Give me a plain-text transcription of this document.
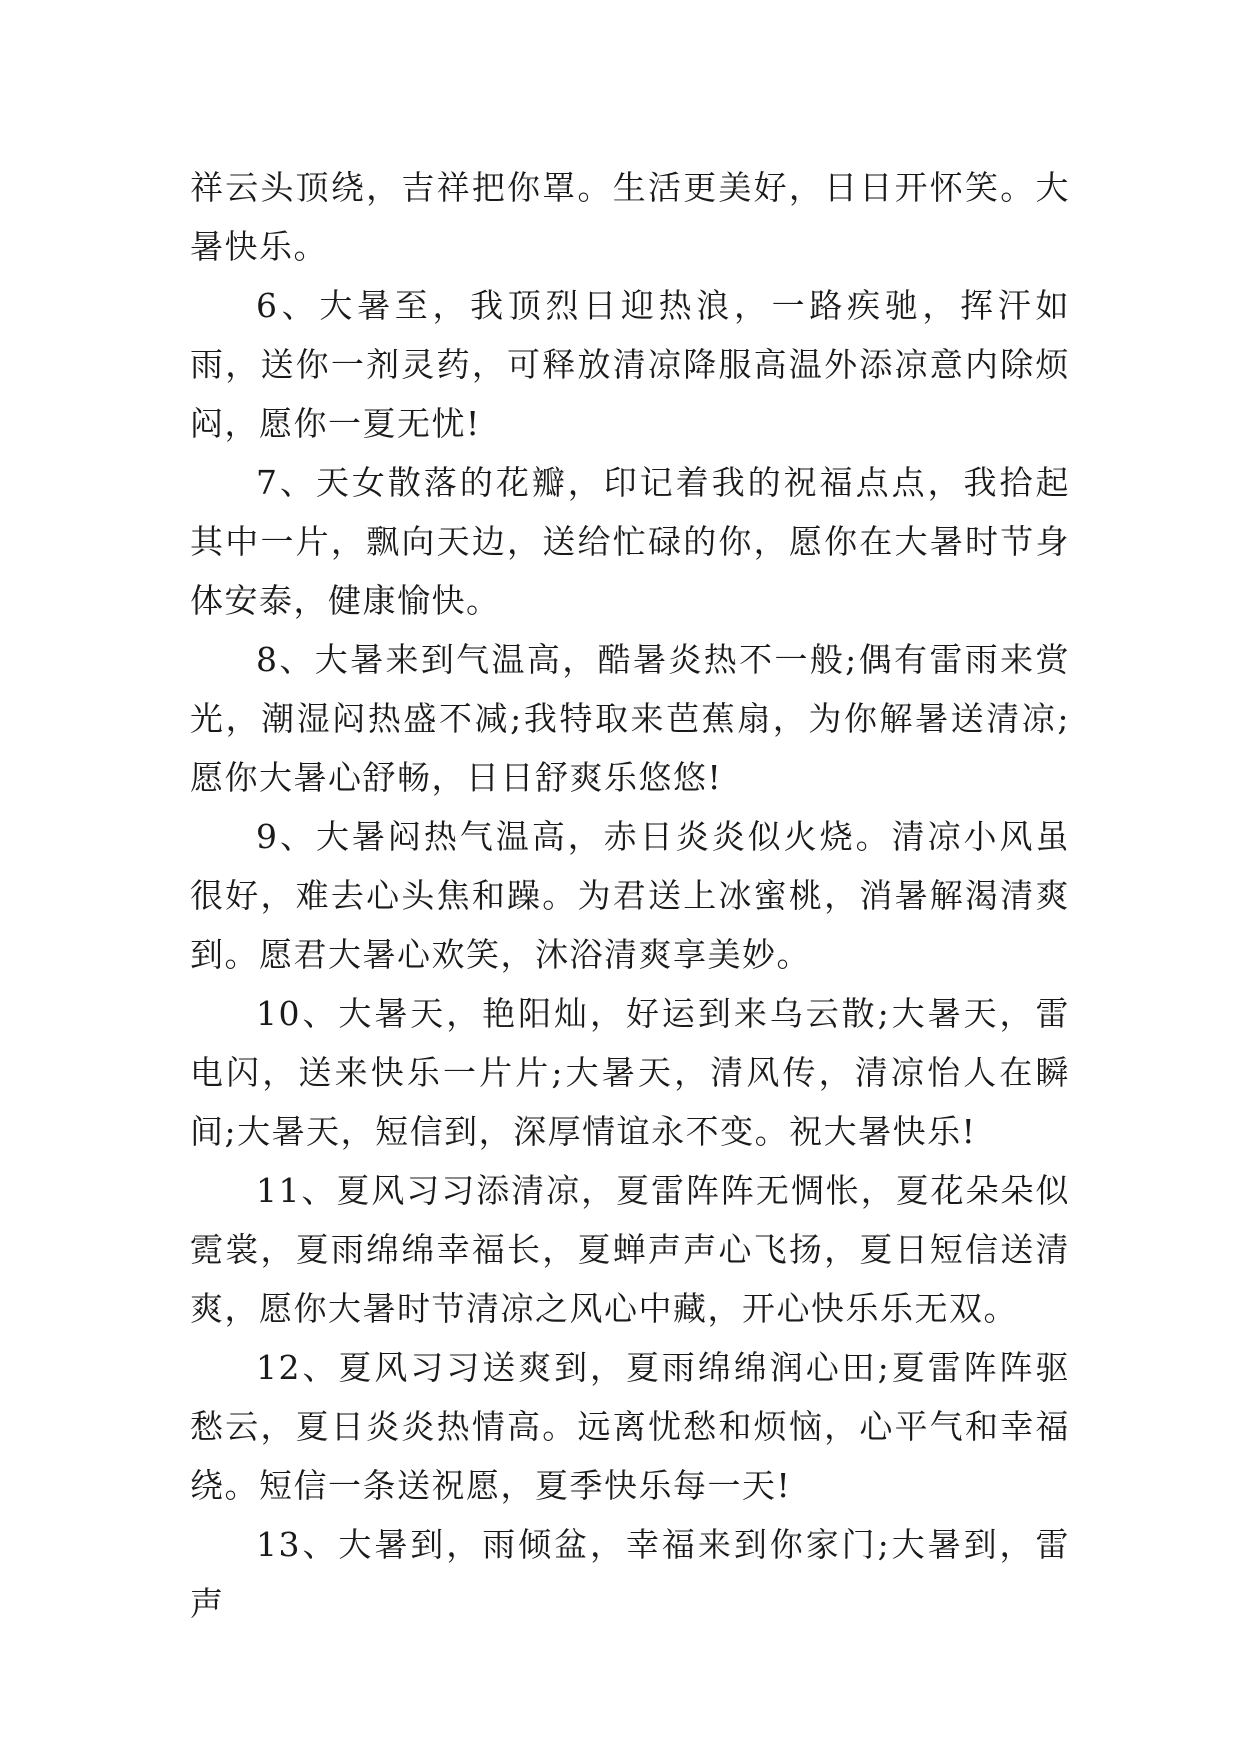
祥云头顶绕，吉祥把你罩。生活更美好，日日开怀笑。大暑快乐。

6、大暑至，我顶烈日迎热浪，一路疾驰，挥汗如雨，送你一剂灵药，可释放清凉降服高温外添凉意内除烦闷，愿你一夏无忧!

7、天女散落的花瓣，印记着我的祝福点点，我拾起其中一片，飘向天边，送给忙碌的你，愿你在大暑时节身体安泰，健康愉快。

8、大暑来到气温高，酷暑炎热不一般;偶有雷雨来赏光，潮湿闷热盛不减;我特取来芭蕉扇，为你解暑送清凉;愿你大暑心舒畅，日日舒爽乐悠悠!

9、大暑闷热气温高，赤日炎炎似火烧。清凉小风虽很好，难去心头焦和躁。为君送上冰蜜桃，消暑解渴清爽到。愿君大暑心欢笑，沐浴清爽享美妙。

10、大暑天，艳阳灿，好运到来乌云散;大暑天，雷电闪，送来快乐一片片;大暑天，清风传，清凉怡人在瞬间;大暑天，短信到，深厚情谊永不变。祝大暑快乐!

11、夏风习习添清凉，夏雷阵阵无惆怅，夏花朵朵似霓裳，夏雨绵绵幸福长，夏蝉声声心飞扬，夏日短信送清爽，愿你大暑时节清凉之风心中藏，开心快乐乐无双。

12、夏风习习送爽到，夏雨绵绵润心田;夏雷阵阵驱愁云，夏日炎炎热情高。远离忧愁和烦恼，心平气和幸福绕。短信一条送祝愿，夏季快乐每一天!

13、大暑到，雨倾盆，幸福来到你家门;大暑到，雷声
